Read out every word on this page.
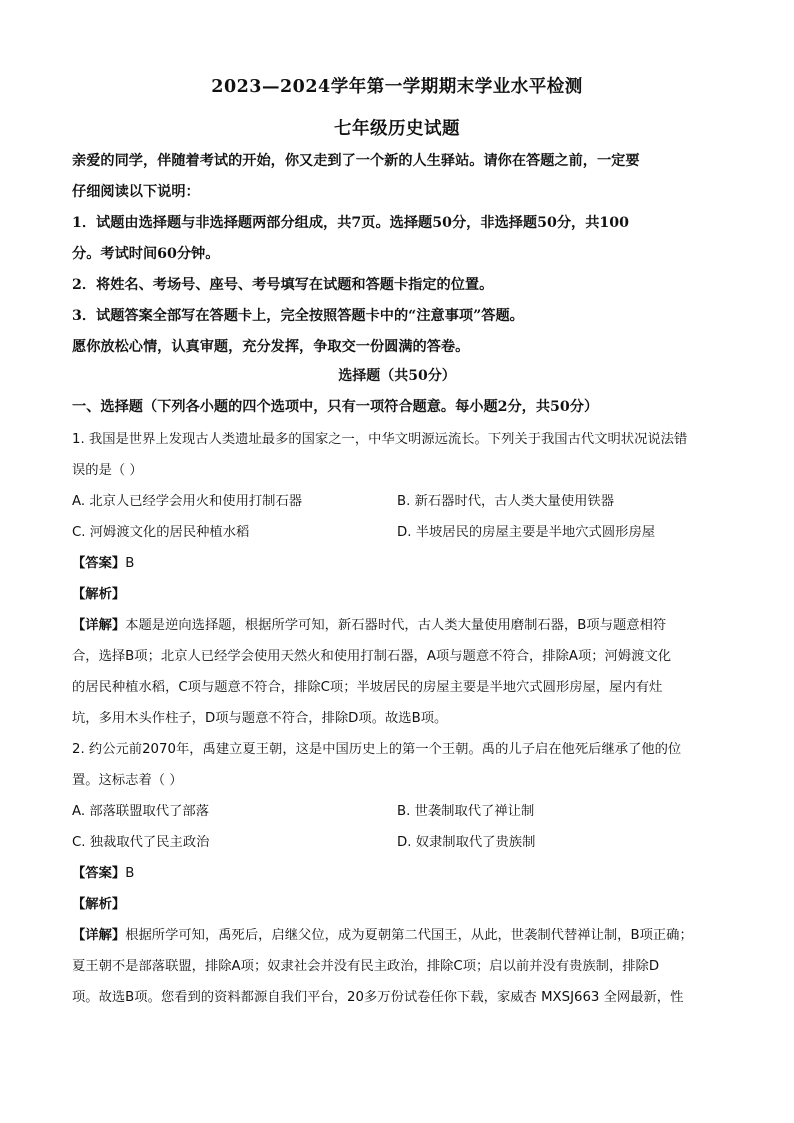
2023—2024学年第一学期期末学业水平检测
七年级历史试题

亲爱的同学，伴随着考试的开始，你又走到了一个新的人生驿站。请你在答题之前，一定要

仔细阅读以下说明：

1．试题由选择题与非选择题两部分组成，共7页。选择题50分，非选择题50分，共100

分。考试时间60分钟。

2．将姓名、考场号、座号、考号填写在试题和答题卡指定的位置。

3．试题答案全部写在答题卡上，完全按照答题卡中的“注意事项”答题。

愿你放松心情，认真审题，充分发挥，争取交一份圆满的答卷。

选择题（共50分）
一、选择题（下列各小题的四个选项中，只有一项符合题意。每小题2分，共50分）

1. 我国是世界上发现古人类遗址最多的国家之一，中华文明源远流长。下列关于我国古代文明状况说法错

误的是（ ）

A. 北京人已经学会用火和使用打制石器	B. 新石器时代，古人类大量使用铁器
C. 河姆渡文化的居民种植水稻	D. 半坡居民的房屋主要是半地穴式圆形房屋

【答案】B

【解析】

【详解】本题是逆向选择题，根据所学可知，新石器时代，古人类大量使用磨制石器，B项与题意相符

合，选择B项；北京人已经学会使用天然火和使用打制石器，A项与题意不符合，排除A项；河姆渡文化

的居民种植水稻，C项与题意不符合，排除C项；半坡居民的房屋主要是半地穴式圆形房屋，屋内有灶

坑，多用木头作柱子，D项与题意不符合，排除D项。故选B项。

2. 约公元前2070年，禹建立夏王朝，这是中国历史上的第一个王朝。禹的儿子启在他死后继承了他的位

置。这标志着（ ）

A. 部落联盟取代了部落	B. 世袭制取代了禅让制
C. 独裁取代了民主政治	D. 奴隶制取代了贵族制

【答案】B

【解析】

【详解】根据所学可知，禹死后，启继父位，成为夏朝第二代国王，从此，世袭制代替禅让制，B项正确；

夏王朝不是部落联盟，排除A项；奴隶社会并没有民主政治，排除C项；启以前并没有贵族制，排除D

项。故选B项。您看到的资料都源自我们平台，20多万份试卷任你下载，家威杏 MXSJ663 全网最新，性
